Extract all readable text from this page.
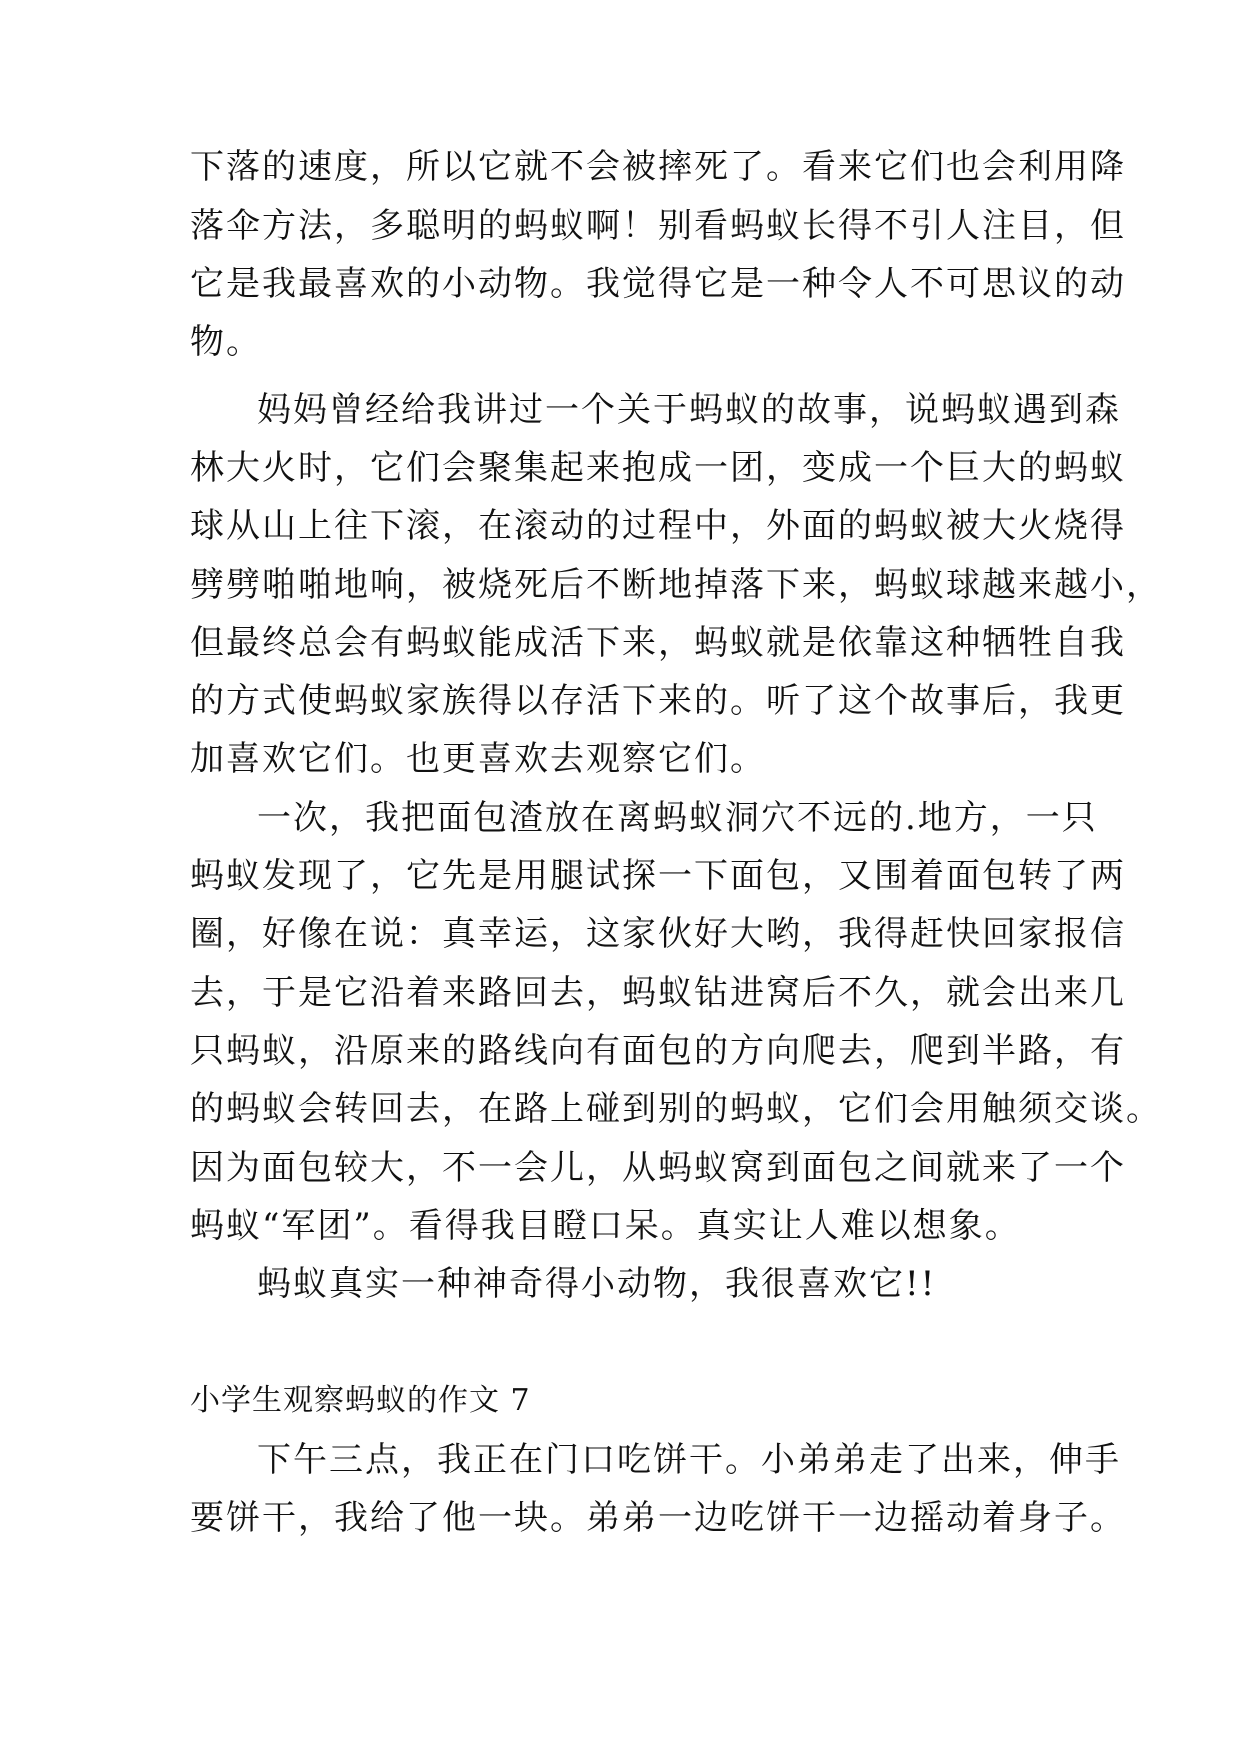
下落的速度，所以它就不会被摔死了。看来它们也会利用降
落伞方法，多聪明的蚂蚁啊！别看蚂蚁长得不引人注目，但
它是我最喜欢的小动物。我觉得它是一种令人不可思议的动
物。
妈妈曾经给我讲过一个关于蚂蚁的故事，说蚂蚁遇到森
林大火时，它们会聚集起来抱成一团，变成一个巨大的蚂蚁
球从山上往下滚，在滚动的过程中，外面的蚂蚁被大火烧得
劈劈啪啪地响，被烧死后不断地掉落下来，蚂蚁球越来越小，
但最终总会有蚂蚁能成活下来，蚂蚁就是依靠这种牺牲自我
的方式使蚂蚁家族得以存活下来的。听了这个故事后，我更
加喜欢它们。也更喜欢去观察它们。
一次，我把面包渣放在离蚂蚁洞穴不远的.地方，一只
蚂蚁发现了，它先是用腿试探一下面包，又围着面包转了两
圈，好像在说：真幸运，这家伙好大哟，我得赶快回家报信
去，于是它沿着来路回去，蚂蚁钻进窝后不久，就会出来几
只蚂蚁，沿原来的路线向有面包的方向爬去，爬到半路，有
的蚂蚁会转回去，在路上碰到别的蚂蚁，它们会用触须交谈。
因为面包较大，不一会儿，从蚂蚁窝到面包之间就来了一个
蚂蚁“军团”。看得我目瞪口呆。真实让人难以想象。
蚂蚁真实一种神奇得小动物，我很喜欢它!!
小学生观察蚂蚁的作文 7
下午三点，我正在门口吃饼干。小弟弟走了出来，伸手
要饼干，我给了他一块。弟弟一边吃饼干一边摇动着身子。
